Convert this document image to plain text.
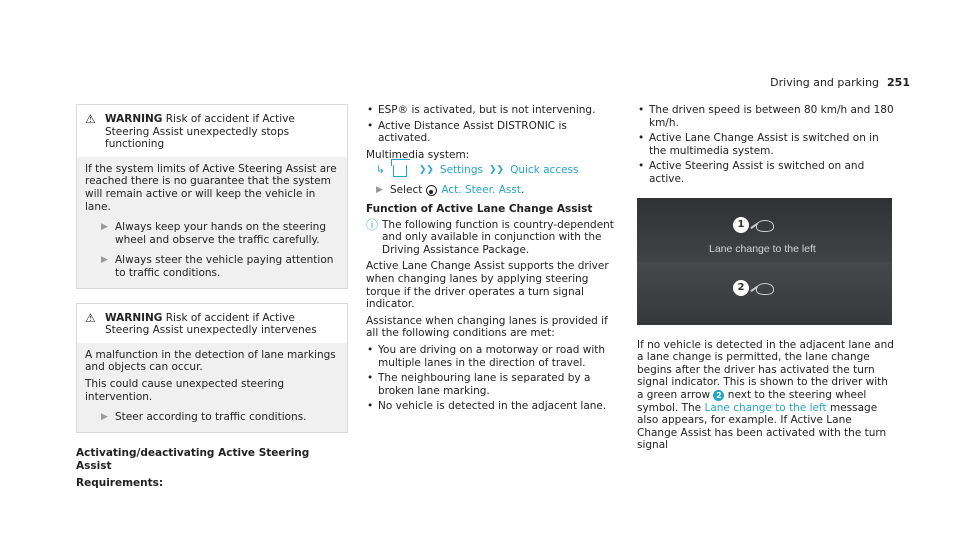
Driving and parking 251
⚠ WARNING Risk of accident if Active Steering Assist unexpectedly stops functioning

If the system limits of Active Steering Assist are reached there is no guarantee that the system will remain active or will keep the vehicle in lane.

▶ Always keep your hands on the steering wheel and observe the traffic carefully.
▶ Always steer the vehicle paying attention to traffic conditions.
⚠ WARNING Risk of accident if Active Steering Assist unexpectedly intervenes

A malfunction in the detection of lane markings and objects can occur.

This could cause unexpected steering intervention.

▶ Steer according to traffic conditions.
Activating/deactivating Active Steering Assist
Requirements:
• ESP® is activated, but is not intervening.
• Active Distance Assist DISTRONIC is activated.
Multimedia system:
↳	❯❯ Settings ❯❯ Quick access
▶ Select Act. Steer. Asst .
Function of Active Lane Change Assist
ⓘ The following function is country-dependent and only available in conjunction with the Driving Assistance Package.

Active Lane Change Assist supports the driver when changing lanes by applying steering torque if the driver operates a turn signal indicator.

Assistance when changing lanes is provided if all the following conditions are met:

• You are driving on a motorway or road with multiple lanes in the direction of travel.
• The neighbouring lane is separated by a broken lane marking.
• No vehicle is detected in the adjacent lane.
• The driven speed is between 80 km/h and 180 km/h.
• Active Lane Change Assist is switched on in the multimedia system.
• Active Steering Assist is switched on and active.
1
Lane change to the left
2

If no vehicle is detected in the adjacent lane and a lane change is permitted, the lane change begins after the driver has activated the turn signal indicator. This is shown to the driver with a green arrow 2 next to the steering wheel symbol. The Lane change to the left message also appears, for example. If Active Lane Change Assist has been activated with the turn signal
